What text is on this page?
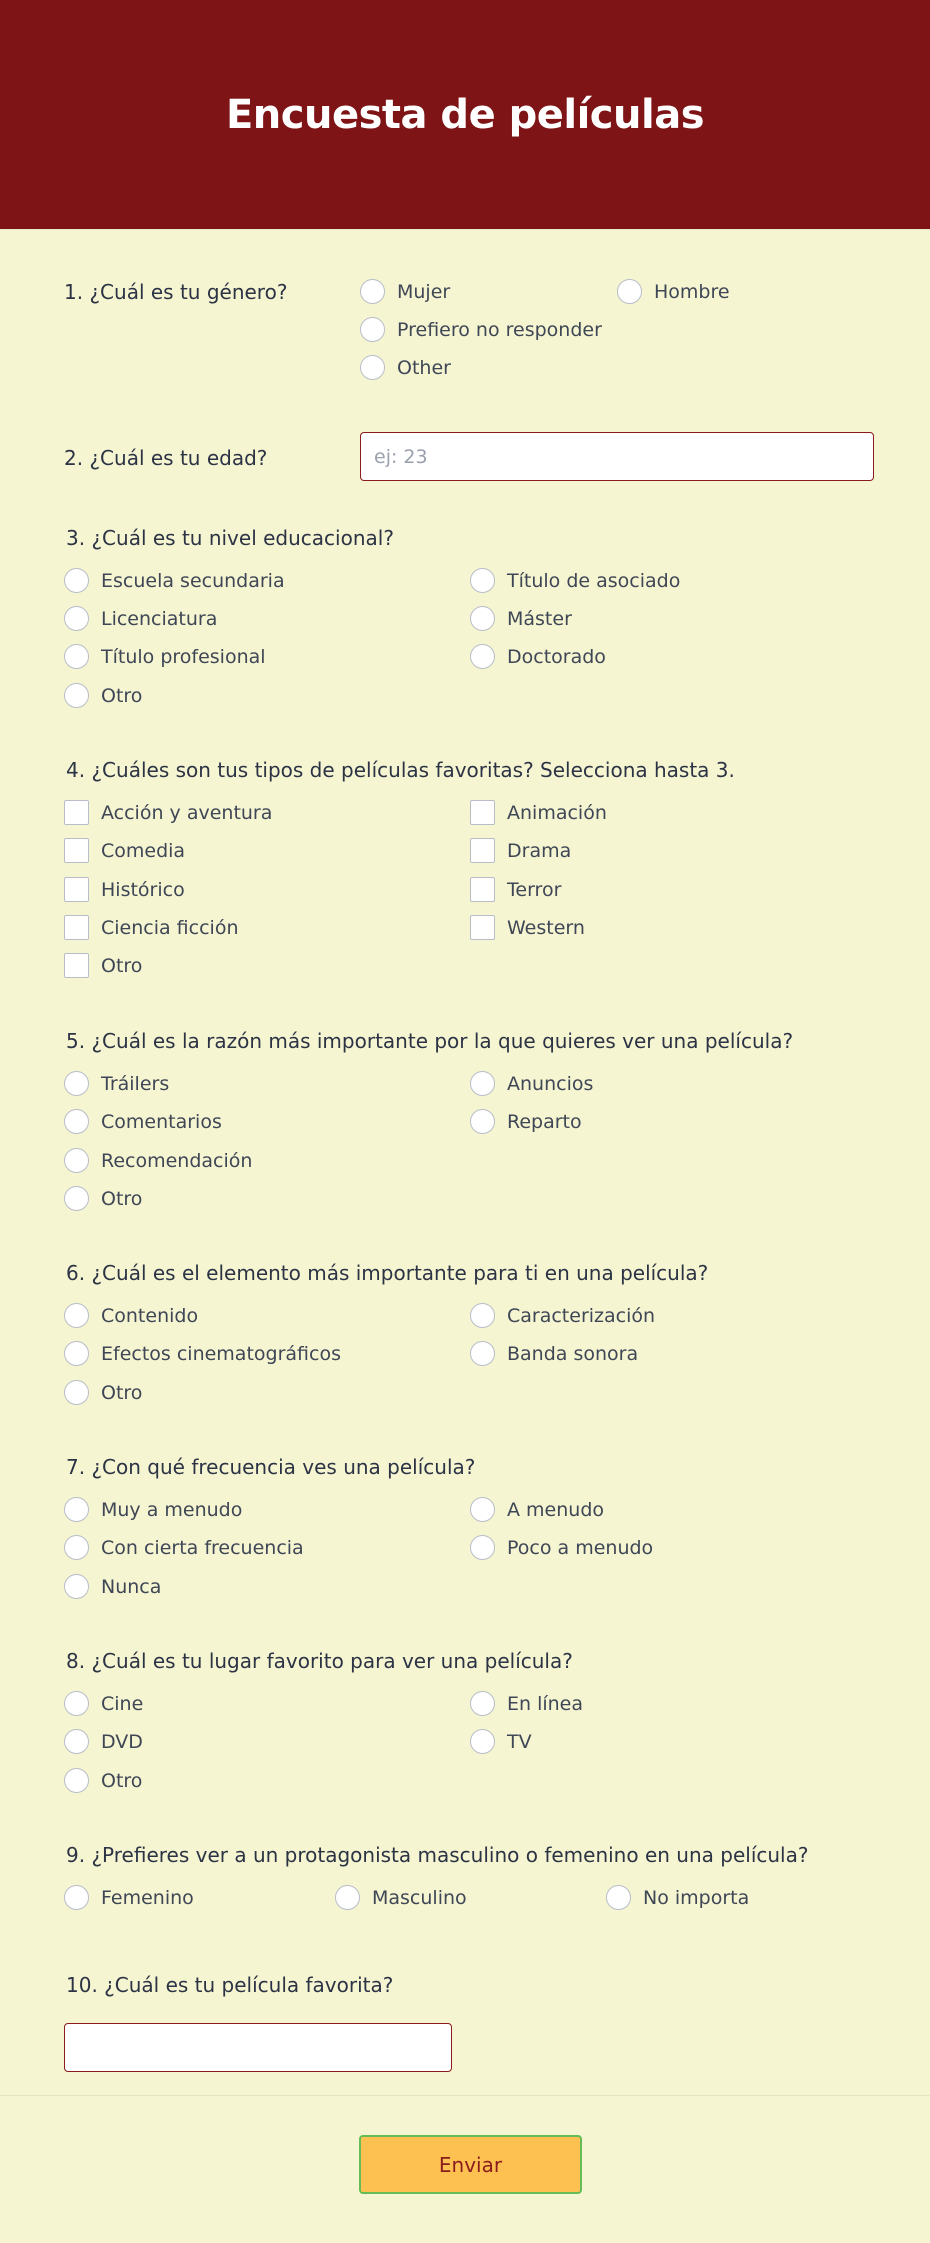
Encuesta de películas
1. ¿Cuál es tu género?	Mujer	Hombre
Prefiero no responder
Other
2. ¿Cuál es tu edad?
ej: 23
3. ¿Cuál es tu nivel educacional?
Escuela secundaria	Título de asociado
Licenciatura	Máster
Título profesional	Doctorado
Otro
4. ¿Cuáles son tus tipos de películas favoritas? Selecciona hasta 3.
Acción y aventura	Animación
Comedia	Drama
Histórico	Terror
Ciencia ficción	Western
Otro
5. ¿Cuál es la razón más importante por la que quieres ver una película?
Tráilers	Anuncios
Comentarios	Reparto
Recomendación
Otro
6. ¿Cuál es el elemento más importante para ti en una película?
Contenido	Caracterización
Efectos cinematográficos	Banda sonora
Otro
7. ¿Con qué frecuencia ves una película?
Muy a menudo	A menudo
Con cierta frecuencia	Poco a menudo
Nunca
8. ¿Cuál es tu lugar favorito para ver una película?
Cine	En línea
DVD	TV
Otro
9. ¿Prefieres ver a un protagonista masculino o femenino en una película?
Femenino	Masculino	No importa
10. ¿Cuál es tu película favorita?
Enviar
